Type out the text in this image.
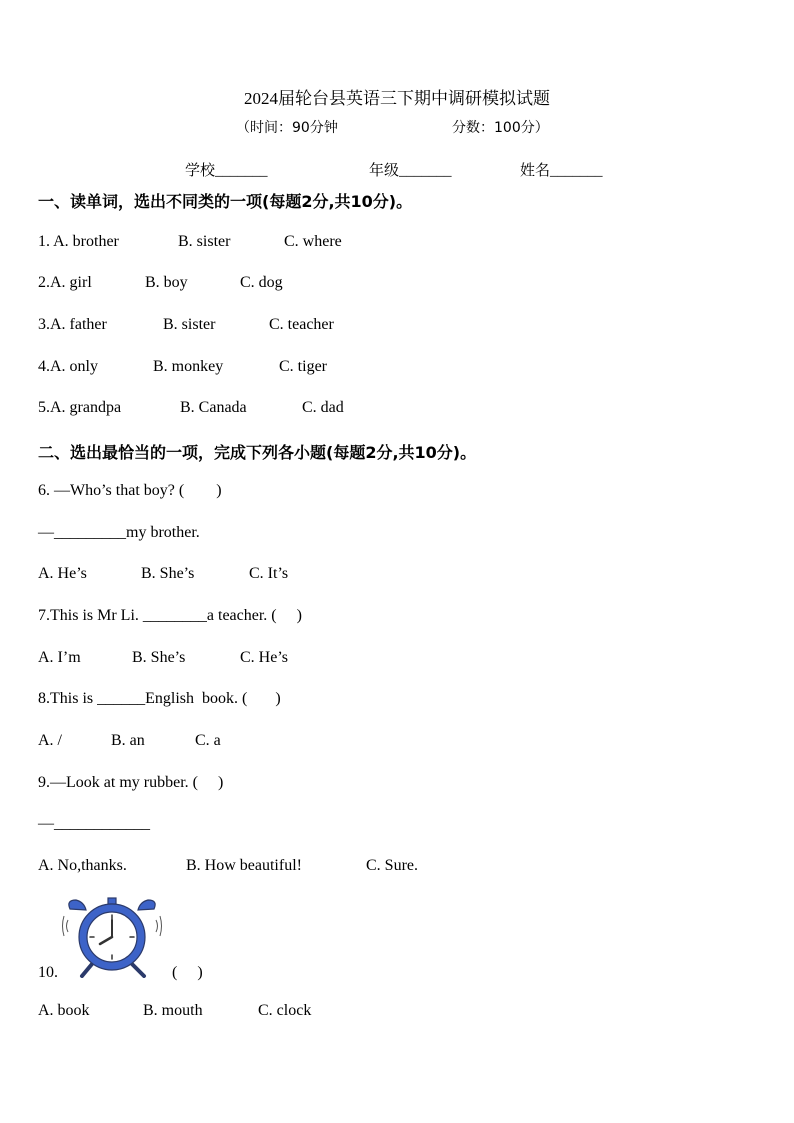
2024届轮台县英语三下期中调研模拟试题
（时间：90分钟	分数：100分）
学校_______	年级_______	姓名_______
一、读单词，选出不同类的一项(每题2分,共10分)。
1. A. brother	B. sister	C. where
2.A. girl	B. boy	C. dog
3.A. father	B. sister	C. teacher
4.A. only	B. monkey	C. tiger
5.A. grandpa	B. Canada	C. dad
二、选出最恰当的一项，完成下列各小题(每题2分,共10分)。
6. —Who’s that boy? (        )
—_________my brother.
A. He’s	B. She’s	C. It’s
7.This is Mr Li. ________a teacher. (     )
A. I’m	B. She’s	C. He’s
8.This is ______English  book. (       )
A. /	B. an	C. a
9.—Look at my rubber. (     )
—____________
A. No,thanks.	B. How beautiful!	C. Sure.
10.	(     )
A. book	B. mouth	C. clock
